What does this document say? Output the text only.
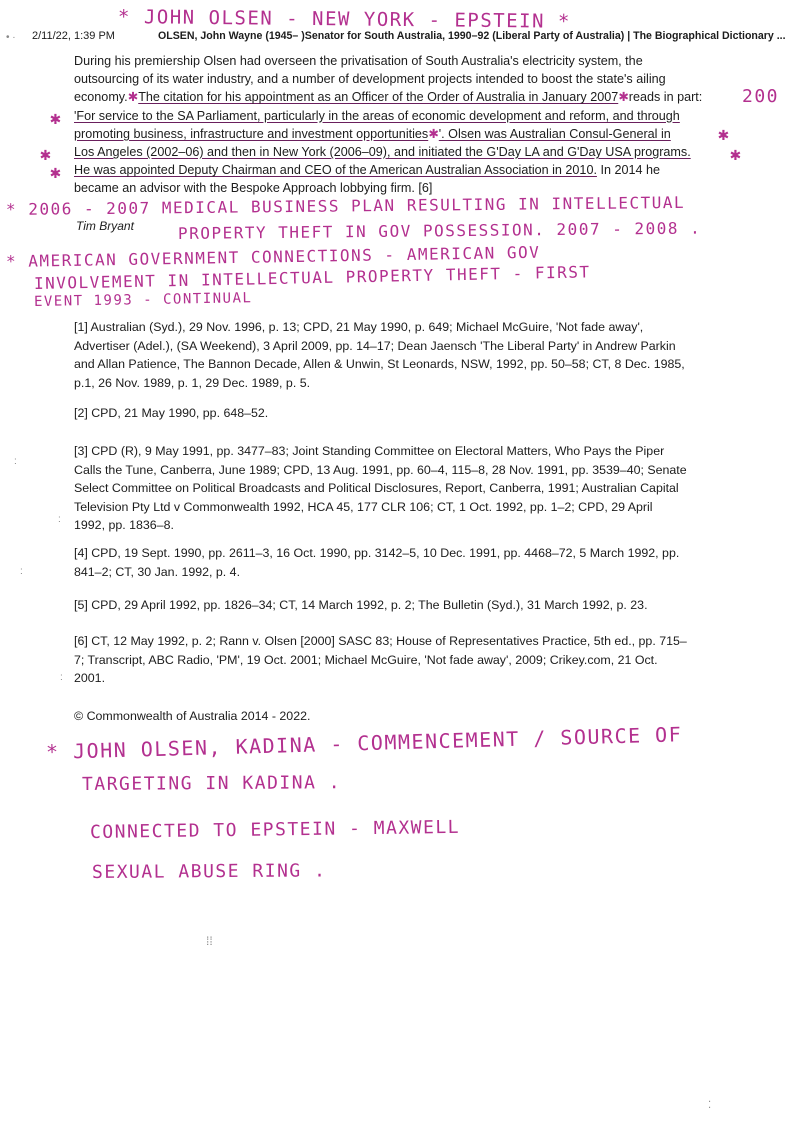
* JOHN OLSEN - NEW YORK - EPSTEIN *
2/11/22, 1:39 PM	OLSEN, John Wayne (1945– )Senator for South Australia, 1990–92 (Liberal Party of Australia) | The Biographical Dictionary ...

During his premiership Olsen had overseen the privatisation of South Australia's electricity system, the

outsourcing of its water industry, and a number of development projects intended to boost the state's ailing

economy.✱The citation for his appointment as an Officer of the Order of Australia in January 2007✱reads in part:

'For service to the SA Parliament, particularly in the areas of economic development and reform, and through

promoting business, infrastructure and investment opportunities✱'. Olsen was Australian Consul-General in

Los Angeles (2002–06) and then in New York (2006–09), and initiated the G'Day LA and G'Day USA programs.

He was appointed Deputy Chairman and CEO of the American Australian Association in 2010. In 2014 he

became an advisor with the Bespoke Approach lobbying firm. [6]

✱
✱
✱
✱
✱
200
Tim Bryant
* 2006 - 2007 MEDICAL BUSINESS PLAN RESULTING IN INTELLECTUAL
PROPERTY THEFT IN GOV POSSESSION. 2007 - 2008 .
* AMERICAN GOVERNMENT CONNECTIONS - AMERICAN GOV
INVOLVEMENT IN INTELLECTUAL PROPERTY THEFT - FIRST
EVENT 1993 - CONTINUAL

[1] Australian (Syd.), 29 Nov. 1996, p. 13; CPD, 21 May 1990, p. 649; Michael McGuire, 'Not fade away',

Advertiser (Adel.), (SA Weekend), 3 April 2009, pp. 14–17; Dean Jaensch 'The Liberal Party' in Andrew Parkin

and Allan Patience, The Bannon Decade, Allen & Unwin, St Leonards, NSW, 1992, pp. 50–58; CT, 8 Dec. 1985,

p.1, 26 Nov. 1989, p. 1, 29 Dec. 1989, p. 5.

[2] CPD, 21 May 1990, pp. 648–52.

[3] CPD (R), 9 May 1991, pp. 3477–83; Joint Standing Committee on Electoral Matters, Who Pays the Piper

Calls the Tune, Canberra, June 1989; CPD, 13 Aug. 1991, pp. 60–4, 115–8, 28 Nov. 1991, pp. 3539–40; Senate

Select Committee on Political Broadcasts and Political Disclosures, Report, Canberra, 1991; Australian Capital

Television Pty Ltd v Commonwealth 1992, HCA 45, 177 CLR 106; CT, 1 Oct. 1992, pp. 1–2; CPD, 29 April

1992, pp. 1836–8.

[4] CPD, 19 Sept. 1990, pp. 2611–3, 16 Oct. 1990, pp. 3142–5, 10 Dec. 1991, pp. 4468–72, 5 March 1992, pp.

841–2; CT, 30 Jan. 1992, p. 4.

[5] CPD, 29 April 1992, pp. 1826–34; CT, 14 March 1992, p. 2; The Bulletin (Syd.), 31 March 1992, p. 23.

[6] CT, 12 May 1992, p. 2; Rann v. Olsen [2000] SASC 83; House of Representatives Practice, 5th ed., pp. 715–

7; Transcript, ABC Radio, 'PM', 19 Oct. 2001; Michael McGuire, 'Not fade away', 2009; Crikey.com, 21 Oct.

2001.

© Commonwealth of Australia 2014 - 2022.
* JOHN OLSEN, KADINA - COMMENCEMENT / SOURCE OF
TARGETING IN KADINA .
CONNECTED TO EPSTEIN - MAXWELL
SEXUAL ABUSE RING .
• ·
:
:
:
:
⁞⁞
⁚
